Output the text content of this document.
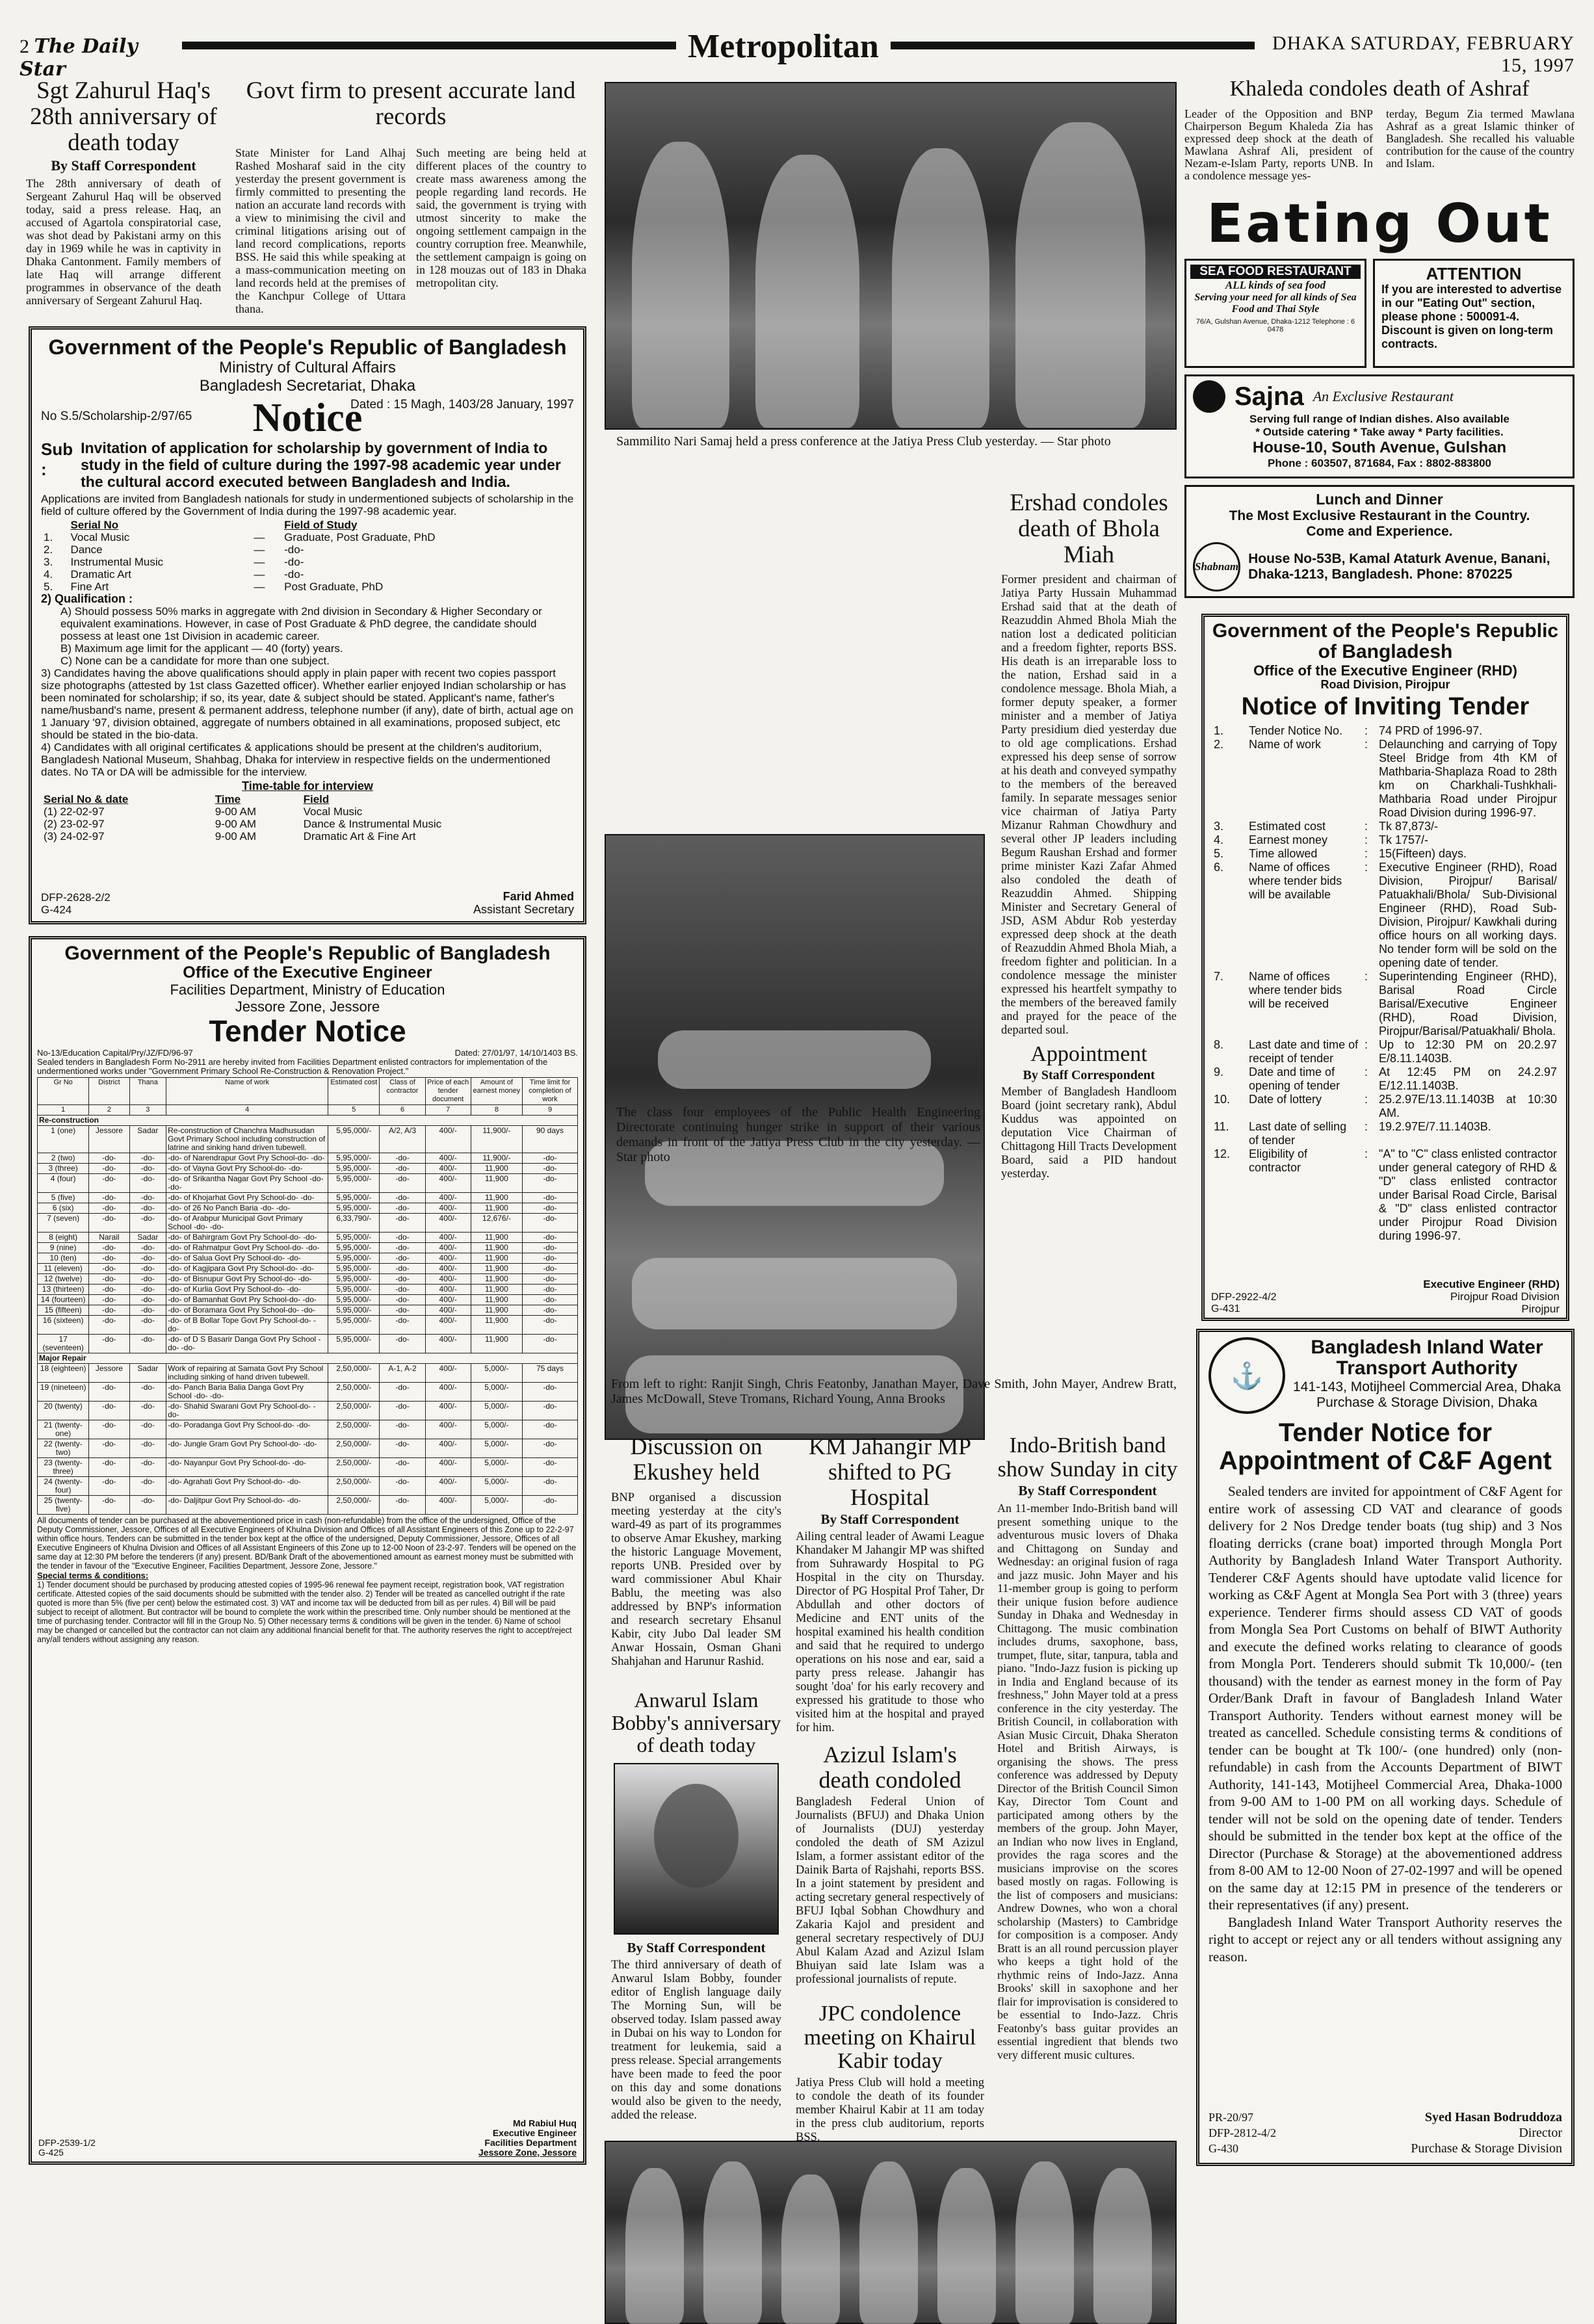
2 The Daily Star
Metropolitan	DHAKA SATURDAY, FEBRUARY 15, 1997
Sgt Zahurul Haq's 28th anniversary of death today
By Staff Correspondent
The 28th anniversary of death of Sergeant Zahurul Haq will be observed today, said a press release. Haq, an accused of Agartola conspiratorial case, was shot dead by Pakistani army on this day in 1969 while he was in captivity in Dhaka Cantonment. Family members of late Haq will arrange different programmes in observance of the death anniversary of Sergeant Zahurul Haq.
Govt firm to present accurate land records
State Minister for Land Alhaj Rashed Mosharaf said in the city yesterday the present government is firmly committed to presenting the nation an accurate land records with a view to minimising the civil and criminal litigations arising out of land record complications, reports BSS. He said this while speaking at a mass-communication meeting on land records held at the premises of the Kanchpur College of Uttara thana.
Such meeting are being held at different places of the country to create mass awareness among the people regarding land records. He said, the government is trying with utmost sincerity to make the ongoing settlement campaign in the country corruption free. Meanwhile, the settlement campaign is going on in 128 mouzas out of 183 in Dhaka metropolitan city.
Government of the People's Republic of Bangladesh
Ministry of Cultural Affairs
Bangladesh Secretariat, Dhaka
No S.5/Scholarship-2/97/65	Notice
Dated : 15 Magh, 1403/28 January, 1997
Sub :
Invitation of application for scholarship by government of India to study in the field of culture during the 1997-98 academic year under the cultural accord executed between Bangladesh and India.
Applications are invited from Bangladesh nationals for study in undermentioned subjects of scholarship in the field of culture offered by the Government of India during the 1997-98 academic year.
	Serial No		Field of Study
1.	Vocal Music	—	Graduate, Post Graduate, PhD
2.	Dance	—	-do-
3.	Instrumental Music	—	-do-
4.	Dramatic Art	—	-do-
5.	Fine Art	—	Post Graduate, PhD
2) Qualification :
A) Should possess 50% marks in aggregate with 2nd division in Secondary & Higher Secondary or equivalent examinations. However, in case of Post Graduate & PhD degree, the candidate should possess at least one 1st Division in academic career.
B) Maximum age limit for the applicant — 40 (forty) years.
C) None can be a candidate for more than one subject.
3) Candidates having the above qualifications should apply in plain paper with recent two copies passport size photographs (attested by 1st class Gazetted officer). Whether earlier enjoyed Indian scholarship or has been nominated for scholarship; if so, its year, date & subject should be stated. Applicant's name, father's name/husband's name, present & permanent address, telephone number (if any), date of birth, actual age on 1 January '97, division obtained, aggregate of numbers obtained in all examinations, proposed subject, etc should be stated in the bio-data.
4) Candidates with all original certificates & applications should be present at the children's auditorium, Bangladesh National Museum, Shahbag, Dhaka for interview in respective fields on the undermentioned dates. No TA or DA will be admissible for the interview.
Time-table for interview
Serial No & date	Time	Field
(1) 22-02-97	9-00 AM	Vocal Music
(2) 23-02-97	9-00 AM	Dance & Instrumental Music
(3) 24-02-97	9-00 AM	Dramatic Art & Fine Art
DFP-2628-2/2
G-424
Farid Ahmed
Assistant Secretary
Government of the People's Republic of Bangladesh
Office of the Executive Engineer
Facilities Department, Ministry of Education
Jessore Zone, Jessore
Tender Notice
No-13/Education Capital/Pry/JZ/FD/96-97	Dated: 27/01/97, 14/10/1403 BS.
Sealed tenders in Bangladesh Form No-2911 are hereby invited from Facilities Department enlisted contractors for implementation of the undermentioned works under "Government Primary School Re-Construction & Renovation Project."
Gr No	District	Thana	Name of work	Estimated cost	Class of contractor	Price of each tender document	Amount of earnest money	Time limit for completion of work
1	2	3	4	5	6	7	8	9
Re-construction								
1 (one)	Jessore	Sadar	Re-construction of Chanchra Madhusudan Govt Primary School including construction of latrine and sinking hand driven tubewell.	5,95,000/-	A/2, A/3	400/-	11,900/-	90 days
2 (two)	-do-	-do-	-do- of Narendrapur Govt Pry School-do- -do-	5,95,000/-	-do-	400/-	11,900/-	-do-
3 (three)	-do-	-do-	-do- of Vayna Govt Pry School-do- -do-	5,95,000/-	-do-	400/-	11,900	-do-
4 (four)	-do-	-do-	-do- of Srikantha Nagar Govt Pry School -do- -do-	5,95,000/-	-do-	400/-	11,900	-do-
5 (five)	-do-	-do-	-do- of Khojarhat Govt Pry School-do- -do-	5,95,000/-	-do-	400/-	11,900	-do-
6 (six)	-do-	-do-	-do- of 26 No Panch Baria -do- -do-	5,95,000/-	-do-	400/-	11,900	-do-
7 (seven)	-do-	-do-	-do- of Arabpur Municipal Govt Primary School -do- -do-	6,33,790/-	-do-	400/-	12,676/-	-do-
8 (eight)	Narail	Sadar	-do- of Bahirgram Govt Pry School-do- -do-	5,95,000/-	-do-	400/-	11,900	-do-
9 (nine)	-do-	-do-	-do- of Rahmatpur Govt Pry School-do- -do-	5,95,000/-	-do-	400/-	11,900	-do-
10 (ten)	-do-	-do-	-do- of Salua Govt Pry School-do- -do-	5,95,000/-	-do-	400/-	11,900	-do-
11 (eleven)	-do-	-do-	-do- of Kagjipara Govt Pry School-do- -do-	5,95,000/-	-do-	400/-	11,900	-do-
12 (twelve)	-do-	-do-	-do- of Bisnupur Govt Pry School-do- -do-	5,95,000/-	-do-	400/-	11,900	-do-
13 (thirteen)	-do-	-do-	-do- of Kurlia Govt Pry School-do- -do-	5,95,000/-	-do-	400/-	11,900	-do-
14 (fourteen)	-do-	-do-	-do- of Bamanhat Govt Pry School-do- -do-	5,95,000/-	-do-	400/-	11,900	-do-
15 (fifteen)	-do-	-do-	-do- of Boramara Govt Pry School-do- -do-	5,95,000/-	-do-	400/-	11,900	-do-
16 (sixteen)	-do-	-do-	-do- of B Bollar Tope Govt Pry School-do- -do-	5,95,000/-	-do-	400/-	11,900	-do-
17 (seventeen)	-do-	-do-	-do- of D S Basarir Danga Govt Pry School -do- -do-	5,95,000/-	-do-	400/-	11,900	-do-
Major Repair								
18 (eighteen)	Jessore	Sadar	Work of repairing at Samata Govt Pry School including sinking of hand driven tubewell.	2,50,000/-	A-1, A-2	400/-	5,000/-	75 days
19 (nineteen)	-do-	-do-	-do- Panch Baria Balia Danga Govt Pry School -do- -do-	2,50,000/-	-do-	400/-	5,000/-	-do-
20 (twenty)	-do-	-do-	-do- Shahid Swarani Govt Pry School-do- -do-	2,50,000/-	-do-	400/-	5,000/-	-do-
21 (twenty-one)	-do-	-do-	-do- Poradanga Govt Pry School-do- -do-	2,50,000/-	-do-	400/-	5,000/-	-do-
22 (twenty-two)	-do-	-do-	-do- Jungle Gram Govt Pry School-do- -do-	2,50,000/-	-do-	400/-	5,000/-	-do-
23 (twenty-three)	-do-	-do-	-do- Nayanpur Govt Pry School-do- -do-	2,50,000/-	-do-	400/-	5,000/-	-do-
24 (twenty-four)	-do-	-do-	-do- Agrahati Govt Pry School-do- -do-	2,50,000/-	-do-	400/-	5,000/-	-do-
25 (twenty-five)	-do-	-do-	-do- Daljitpur Govt Pry School-do- -do-	2,50,000/-	-do-	400/-	5,000/-	-do-
All documents of tender can be purchased at the abovementioned price in cash (non-refundable) from the office of the undersigned, Office of the Deputy Commissioner, Jessore, Offices of all Executive Engineers of Khulna Division and Offices of all Assistant Engineers of this Zone up to 22-2-97 within office hours. Tenders can be submitted in the tender box kept at the office of the undersigned, Deputy Commissioner, Jessore, Offices of all Executive Engineers of Khulna Division and Offices of all Assistant Engineers of this Zone up to 12-00 Noon of 23-2-97. Tenders will be opened on the same day at 12:30 PM before the tenderers (if any) present. BD/Bank Draft of the abovementioned amount as earnest money must be submitted with the tender in favour of the "Executive Engineer, Facilities Department, Jessore Zone, Jessore."
Special terms & conditions:
1) Tender document should be purchased by producing attested copies of 1995-96 renewal fee payment receipt, registration book, VAT registration certificate. Attested copies of the said documents should be submitted with the tender also. 2) Tender will be treated as cancelled outright if the rate quoted is more than 5% (five per cent) below the estimated cost. 3) VAT and income tax will be deducted from bill as per rules. 4) Bill will be paid subject to receipt of allotment. But contractor will be bound to complete the work within the prescribed time. Only number should be mentioned at the time of purchasing tender. Contractor will fill in the Group No. 5) Other necessary terms & conditions will be given in the tender. 6) Name of school may be changed or cancelled but the contractor can not claim any additional financial benefit for that. The authority reserves the right to accept/reject any/all tenders without assigning any reason.
DFP-2539-1/2
G-425
Md Rabiul Huq
Executive Engineer
Facilities Department
Jessore Zone, Jessore
Sammilito Nari Samaj held a press conference at the Jatiya Press Club yesterday. — Star photo
The class four employees of the Public Health Engineering Directorate continuing hunger strike in support of their various demands in front of the Jatiya Press Club in the city yesterday. — Star photo
Ershad condoles death of Bhola Miah
Former president and chairman of Jatiya Party Hussain Muhammad Ershad said that at the death of Reazuddin Ahmed Bhola Miah the nation lost a dedicated politician and a freedom fighter, reports BSS. His death is an irreparable loss to the nation, Ershad said in a condolence message. Bhola Miah, a former deputy speaker, a former minister and a member of Jatiya Party presidium died yesterday due to old age complications. Ershad expressed his deep sense of sorrow at his death and conveyed sympathy to the members of the bereaved family. In separate messages senior vice chairman of Jatiya Party Mizanur Rahman Chowdhury and several other JP leaders including Begum Raushan Ershad and former prime minister Kazi Zafar Ahmed also condoled the death of Reazuddin Ahmed. Shipping Minister and Secretary General of JSD, ASM Abdur Rob yesterday expressed deep shock at the death of Reazuddin Ahmed Bhola Miah, a freedom fighter and politician. In a condolence message the minister expressed his heartfelt sympathy to the members of the bereaved family and prayed for the peace of the departed soul.
Appointment
By Staff Correspondent
Member of Bangladesh Handloom Board (joint secretary rank), Abdul Kuddus was appointed on deputation Vice Chairman of Chittagong Hill Tracts Development Board, said a PID handout yesterday.
From left to right: Ranjit Singh, Chris Featonby, Janathan Mayer, Dave Smith, John Mayer, Andrew Bratt, James McDowall, Steve Tromans, Richard Young, Anna Brooks
Discussion on Ekushey held
BNP organised a discussion meeting yesterday at the city's ward-49 as part of its programmes to observe Amar Ekushey, marking the historic Language Movement, reports UNB. Presided over by ward commissioner Abul Khair Bablu, the meeting was also addressed by BNP's information and research secretary Ehsanul Kabir, city Jubo Dal leader SM Anwar Hossain, Osman Ghani Shahjahan and Harunur Rashid.
Anwarul Islam Bobby's anniversary of death today
By Staff Correspondent
The third anniversary of death of Anwarul Islam Bobby, founder editor of English language daily The Morning Sun, will be observed today. Islam passed away in Dubai on his way to London for treatment for leukemia, said a press release. Special arrangements have been made to feed the poor on this day and some donations would also be given to the needy, added the release.
KM Jahangir MP shifted to PG Hospital
By Staff Correspondent
Ailing central leader of Awami League Khandaker M Jahangir MP was shifted from Suhrawardy Hospital to PG Hospital in the city on Thursday. Director of PG Hospital Prof Taher, Dr Abdullah and other doctors of Medicine and ENT units of the hospital examined his health condition and said that he required to undergo operations on his nose and ear, said a party press release. Jahangir has sought 'doa' for his early recovery and expressed his gratitude to those who visited him at the hospital and prayed for him.
Azizul Islam's death condoled
Bangladesh Federal Union of Journalists (BFUJ) and Dhaka Union of Journalists (DUJ) yesterday condoled the death of SM Azizul Islam, a former assistant editor of the Dainik Barta of Rajshahi, reports BSS. In a joint statement by president and acting secretary general respectively of BFUJ Iqbal Sobhan Chowdhury and Zakaria Kajol and president and general secretary respectively of DUJ Abul Kalam Azad and Azizul Islam Bhuiyan said late Islam was a professional journalists of repute.
JPC condolence meeting on Khairul Kabir today
Jatiya Press Club will hold a meeting to condole the death of its founder member Khairul Kabir at 11 am today in the press club auditorium, reports BSS.
Indo-British band show Sunday in city
By Staff Correspondent
An 11-member Indo-British band will present something unique to the adventurous music lovers of Dhaka and Chittagong on Sunday and Wednesday: an original fusion of raga and jazz music. John Mayer and his 11-member group is going to perform their unique fusion before audience Sunday in Dhaka and Wednesday in Chittagong. The music combination includes drums, saxophone, bass, trumpet, flute, sitar, tanpura, tabla and piano. "Indo-Jazz fusion is picking up in India and England because of its freshness," John Mayer told at a press conference in the city yesterday. The British Council, in collaboration with Asian Music Circuit, Dhaka Sheraton Hotel and British Airways, is organising the shows. The press conference was addressed by Deputy Director of the British Council Simon Kay, Director Tom Count and participated among others by the members of the group. John Mayer, an Indian who now lives in England, provides the raga scores and the musicians improvise on the scores based mostly on ragas. Following is the list of composers and musicians: Andrew Downes, who won a choral scholarship (Masters) to Cambridge for composition is a composer. Andy Bratt is an all round percussion player who keeps a tight hold of the rhythmic reins of Indo-Jazz. Anna Brooks' skill in saxophone and her flair for improvisation is considered to be essential to Indo-Jazz. Chris Featonby's bass guitar provides an essential ingredient that blends two very different music cultures.
Khaleda condoles death of Ashraf
Leader of the Opposition and BNP Chairperson Begum Khaleda Zia has expressed deep shock at the death of Mawlana Ashraf Ali, president of Nezam-e-Islam Party, reports UNB. In a condolence message yes-
terday, Begum Zia termed Mawlana Ashraf as a great Islamic thinker of Bangladesh. She recalled his valuable contribution for the cause of the country and Islam.
Eating Out
SEA FOOD RESTAURANT
ALL kinds of sea food
Serving your need for all kinds of Sea Food and Thai Style
76/A, Gulshan Avenue, Dhaka-1212 Telephone : 6 0478
ATTENTION
If you are interested to advertise in our "Eating Out" section, please phone : 500091-4. Discount is given on long-term contracts.
Sajna An Exclusive Restaurant
Serving full range of Indian dishes. Also available
* Outside catering * Take away * Party facilities.
House-10, South Avenue, Gulshan
Phone : 603507, 871684, Fax : 8802-883800
Lunch and Dinner
The Most Exclusive Restaurant in the Country.
Come and Experience.
Shabnam
House No-53B, Kamal Ataturk Avenue, Banani, Dhaka-1213, Bangladesh. Phone: 870225
Government of the People's Republic of Bangladesh
Office of the Executive Engineer (RHD)
Road Division, Pirojpur
Notice of Inviting Tender
1.	Tender Notice No.	:	74 PRD of 1996-97.
2.	Name of work	:	Delaunching and carrying of Topy Steel Bridge from 4th KM of Mathbaria-Shaplaza Road to 28th km on Charkhali-Tushkhali-Mathbaria Road under Pirojpur Road Division during 1996-97.
3.	Estimated cost	:	Tk 87,873/-
4.	Earnest money	:	Tk 1757/-
5.	Time allowed	:	15(Fifteen) days.
6.	Name of offices where tender bids will be available	:	Executive Engineer (RHD), Road Division, Pirojpur/ Barisal/ Patuakhali/Bhola/ Sub-Divisional Engineer (RHD), Road Sub-Division, Pirojpur/ Kawkhali during office hours on all working days. No tender form will be sold on the opening date of tender.
7.	Name of offices where tender bids will be received	:	Superintending Engineer (RHD), Barisal Road Circle Barisal/Executive Engineer (RHD), Road Division, Pirojpur/Barisal/Patuakhali/ Bhola.
8.	Last date and time of receipt of tender	:	Up to 12:30 PM on 20.2.97 E/8.11.1403B.
9.	Date and time of opening of tender	:	At 12:45 PM on 24.2.97 E/12.11.1403B.
10.	Date of lottery	:	25.2.97E/13.11.1403B at 10:30 AM.
11.	Last date of selling of tender	:	19.2.97E/7.11.1403B.
12.	Eligibility of contractor	:	"A" to "C" class enlisted contractor under general category of RHD & "D" class enlisted contractor under Barisal Road Circle, Barisal & "D" class enlisted contractor under Pirojpur Road Division during 1996-97.
DFP-2922-4/2
G-431
Executive Engineer (RHD)
Pirojpur Road Division
Pirojpur
⚓
Bangladesh Inland Water Transport Authority
141-143, Motijheel Commercial Area, Dhaka
Purchase & Storage Division, Dhaka
Tender Notice for Appointment of C&F Agent
Sealed tenders are invited for appointment of C&F Agent for entire work of assessing CD VAT and clearance of goods delivery for 2 Nos Dredge tender boats (tug ship) and 3 Nos floating derricks (crane boat) imported through Mongla Port Authority by Bangladesh Inland Water Transport Authority. Tenderer C&F Agents should have uptodate valid licence for working as C&F Agent at Mongla Sea Port with 3 (three) years experience. Tenderer firms should assess CD VAT of goods from Mongla Sea Port Customs on behalf of BIWT Authority and execute the defined works relating to clearance of goods from Mongla Port. Tenderers should submit Tk 10,000/- (ten thousand) with the tender as earnest money in the form of Pay Order/Bank Draft in favour of Bangladesh Inland Water Transport Authority. Tenders without earnest money will be treated as cancelled. Schedule consisting terms & conditions of tender can be bought at Tk 100/- (one hundred) only (non-refundable) in cash from the Accounts Department of BIWT Authority, 141-143, Motijheel Commercial Area, Dhaka-1000 from 9-00 AM to 1-00 PM on all working days. Schedule of tender will not be sold on the opening date of tender. Tenders should be submitted in the tender box kept at the office of the Director (Purchase & Storage) at the abovementioned address from 8-00 AM to 12-00 Noon of 27-02-1997 and will be opened on the same day at 12:15 PM in presence of the tenderers or their representatives (if any) present.
Bangladesh Inland Water Transport Authority reserves the right to accept or reject any or all tenders without assigning any reason.
PR-20/97
DFP-2812-4/2
G-430
Syed Hasan Bodruddoza
Director
Purchase & Storage Division
